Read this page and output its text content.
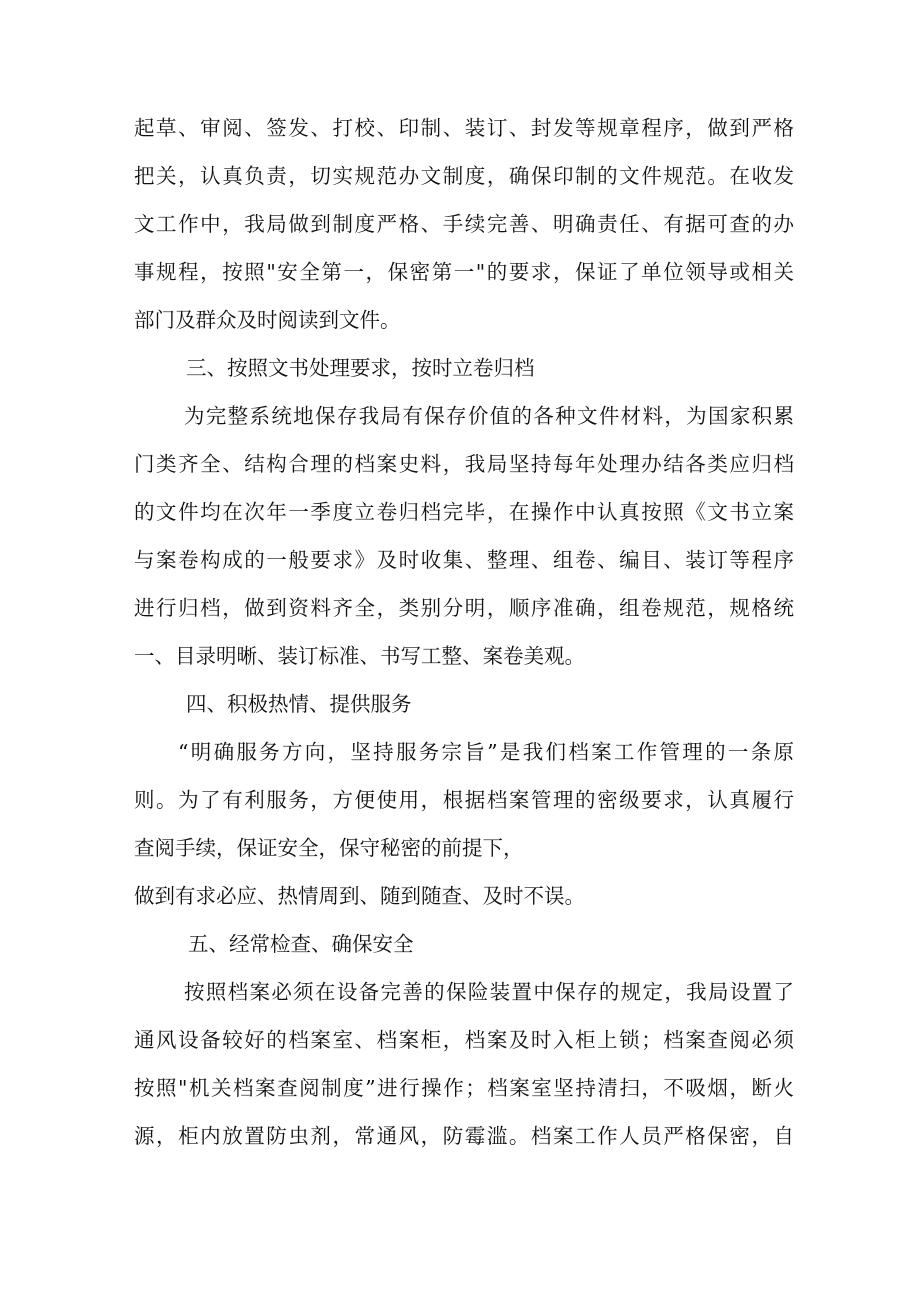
起草、审阅、签发、打校、印制、装订、封发等规章程序，做到严格
把关，认真负责，切实规范办文制度，确保印制的文件规范。在收发
文工作中，我局做到制度严格、手续完善、明确责任、有据可查的办
事规程，按照"安全第一，保密第一"的要求，保证了单位领导或相关
部门及群众及时阅读到文件。
三、按照文书处理要求，按时立卷归档
为完整系统地保存我局有保存价值的各种文件材料，为国家积累
门类齐全、结构合理的档案史料，我局坚持每年处理办结各类应归档
的文件均在次年一季度立卷归档完毕，在操作中认真按照《文书立案
与案卷构成的一般要求》及时收集、整理、组卷、编目、装订等程序
进行归档，做到资料齐全，类别分明，顺序准确，组卷规范，规格统
一、目录明晰、装订标准、书写工整、案卷美观。
四、积极热情、提供服务
“明确服务方向，坚持服务宗旨”是我们档案工作管理的一条原
则。为了有利服务，方便使用，根据档案管理的密级要求，认真履行
查阅手续，保证安全，保守秘密的前提下，
做到有求必应、热情周到、随到随查、及时不误。
五、经常检查、确保安全
按照档案必须在设备完善的保险装置中保存的规定，我局设置了
通风设备较好的档案室、档案柜，档案及时入柜上锁；档案查阅必须
按照"机关档案查阅制度”进行操作；档案室坚持清扫，不吸烟，断火
源，柜内放置防虫剂，常通风，防霉滥。档案工作人员严格保密，自
